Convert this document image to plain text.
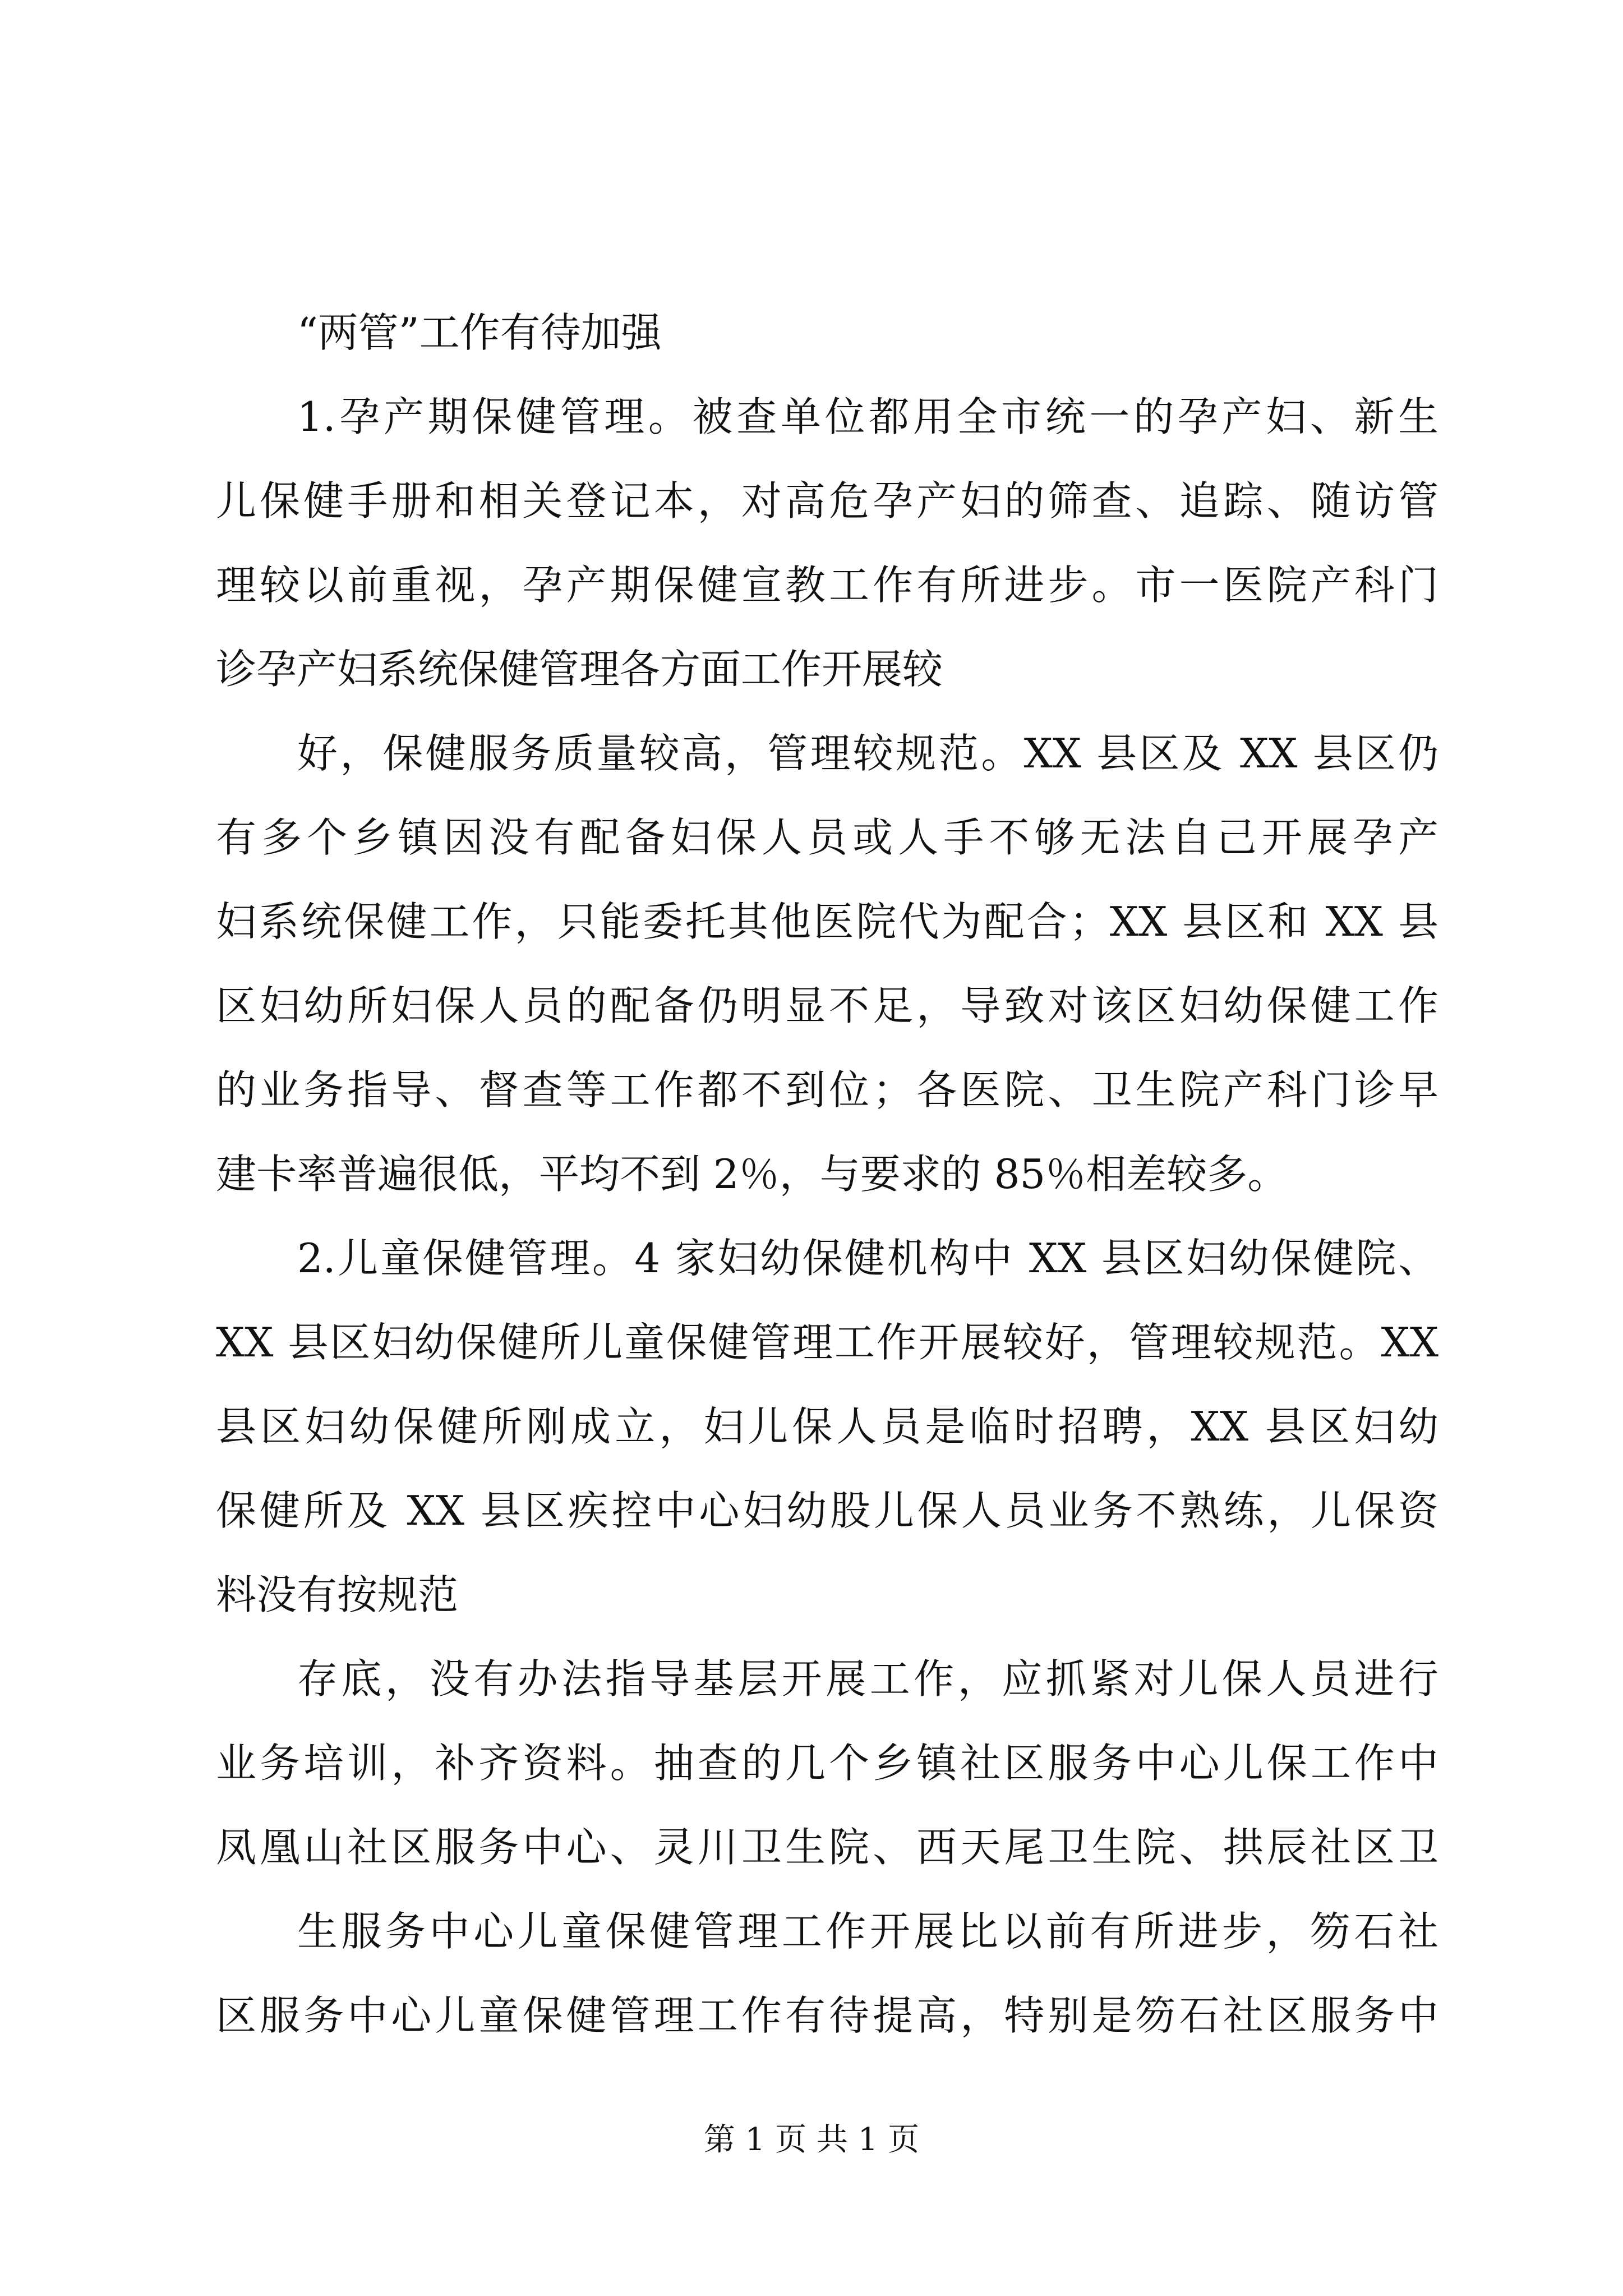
“两管”工作有待加强
1.孕产期保健管理。被查单位都用全市统一的孕产妇、新生
儿保健手册和相关登记本，对高危孕产妇的筛查、追踪、随访管
理较以前重视，孕产期保健宣教工作有所进步。市一医院产科门
诊孕产妇系统保健管理各方面工作开展较
好，保健服务质量较高，管理较规范。XX 县区及 XX 县区仍
有多个乡镇因没有配备妇保人员或人手不够无法自己开展孕产
妇系统保健工作，只能委托其他医院代为配合；XX 县区和 XX 县
区妇幼所妇保人员的配备仍明显不足，导致对该区妇幼保健工作
的业务指导、督查等工作都不到位；各医院、卫生院产科门诊早
建卡率普遍很低，平均不到 2％，与要求的 85％相差较多。
2.儿童保健管理。4 家妇幼保健机构中 XX 县区妇幼保健院、
XX 县区妇幼保健所儿童保健管理工作开展较好，管理较规范。XX
县区妇幼保健所刚成立，妇儿保人员是临时招聘，XX 县区妇幼
保健所及 XX 县区疾控中心妇幼股儿保人员业务不熟练，儿保资
料没有按规范
存底，没有办法指导基层开展工作，应抓紧对儿保人员进行
业务培训，补齐资料。抽查的几个乡镇社区服务中心儿保工作中
凤凰山社区服务中心、灵川卫生院、西天尾卫生院、拱辰社区卫
生服务中心儿童保健管理工作开展比以前有所进步，笏石社
区服务中心儿童保健管理工作有待提高，特别是笏石社区服务中
第 1 页 共 1 页
